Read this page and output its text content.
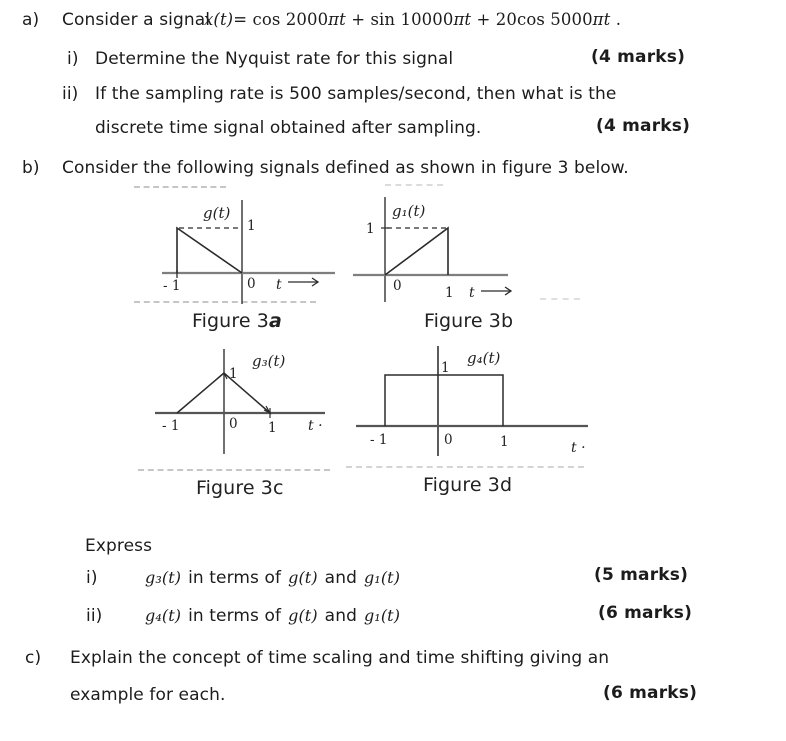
a) Consider a signal
x(t)= cos 2000πt + sin 10000πt + 20cos 5000πt .
i) Determine the Nyquist rate for this signal	(4 marks)
ii) If the sampling rate is 500 samples/second, then what is the
discrete time signal obtained after sampling.	(4 marks)
b) Consider the following signals defined as shown in figure 3 below.
g(t)
1
- 1	0 t
g₁(t)
1
0	1 t
Figure 3a	Figure 3b
1
g₃(t)
- 1	0 1 t ·
1
g₄(t)
- 1	0	1	t ·
Figure 3c	Figure 3d
Express
i)	g₃(t) in terms of g(t) and g₁(t)	(5 marks)
ii)	g₄(t) in terms of g(t) and g₁(t)	(6 marks)
c) Explain the concept of time scaling and time shifting giving an
example for each.	(6 marks)
